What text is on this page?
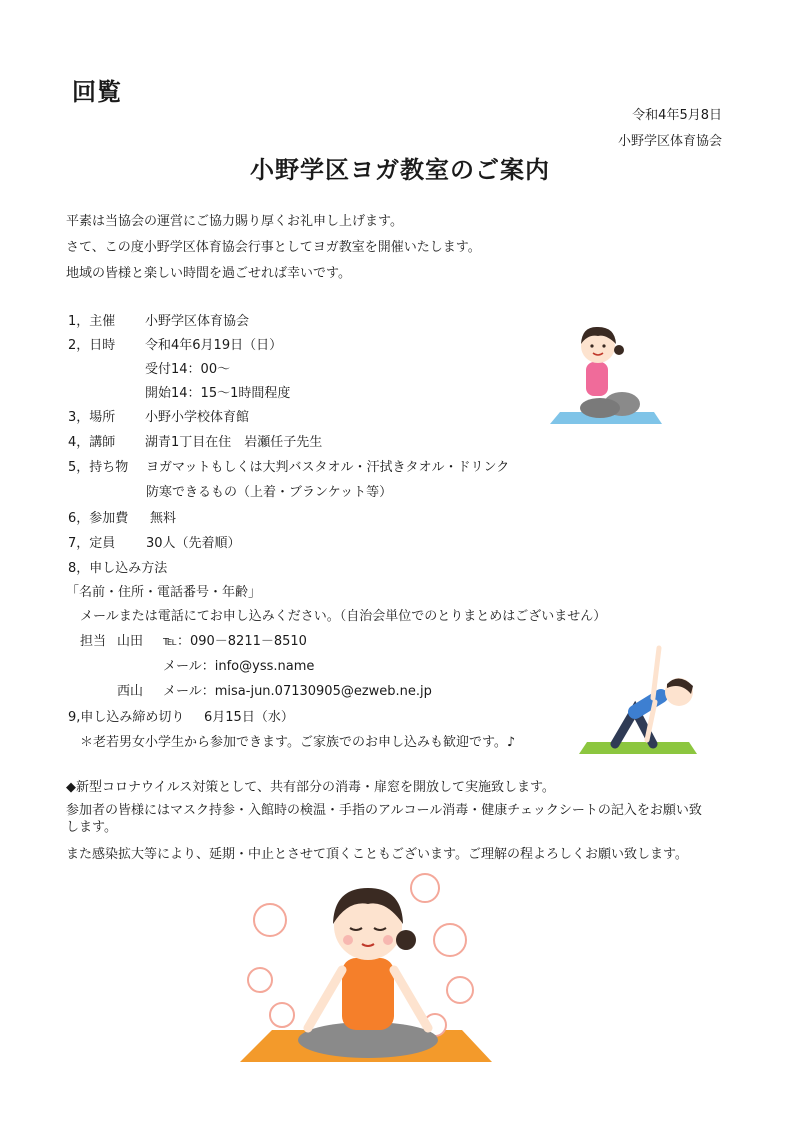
回覧
令和4年5月8日
小野学区体育協会
小野学区ヨガ教室のご案内
平素は当協会の運営にご協力賜り厚くお礼申し上げます。
さて、この度小野学区体育協会行事としてヨガ教室を開催いたします。
地域の皆様と楽しい時間を過ごせれば幸いです。
1，主催 小野学区体育協会
2，日時 令和4年6月19日（日）
受付14：00～
開始14：15～1時間程度
3，場所 小野小学校体育館
4，講師 湖青1丁目在住　岩瀬任子先生
5，持ち物 ヨガマットもしくは大判バスタオル・汗拭きタオル・ドリンク
防寒できるもの（上着・ブランケット等）
6，参加費 無料
7，定員 30人（先着順）
8，申し込み方法
「名前・住所・電話番号・年齢」
メールまたは電話にてお申し込みください。（自治会単位でのとりまとめはございません）
担当 山田 ℡：090－8211－8510
メール：info@yss.name
西山 メール：misa-jun.07130905@ezweb.ne.jp
9,申し込み締め切り 6月15日（水）
＊老若男女小学生から参加できます。ご家族でのお申し込みも歓迎です。♪
◆新型コロナウイルス対策として、共有部分の消毒・扉窓を開放して実施致します。
参加者の皆様にはマスク持参・入館時の検温・手指のアルコール消毒・健康チェックシートの記入をお願い致
します。
また感染拡大等により、延期・中止とさせて頂くこともございます。ご理解の程よろしくお願い致します。
